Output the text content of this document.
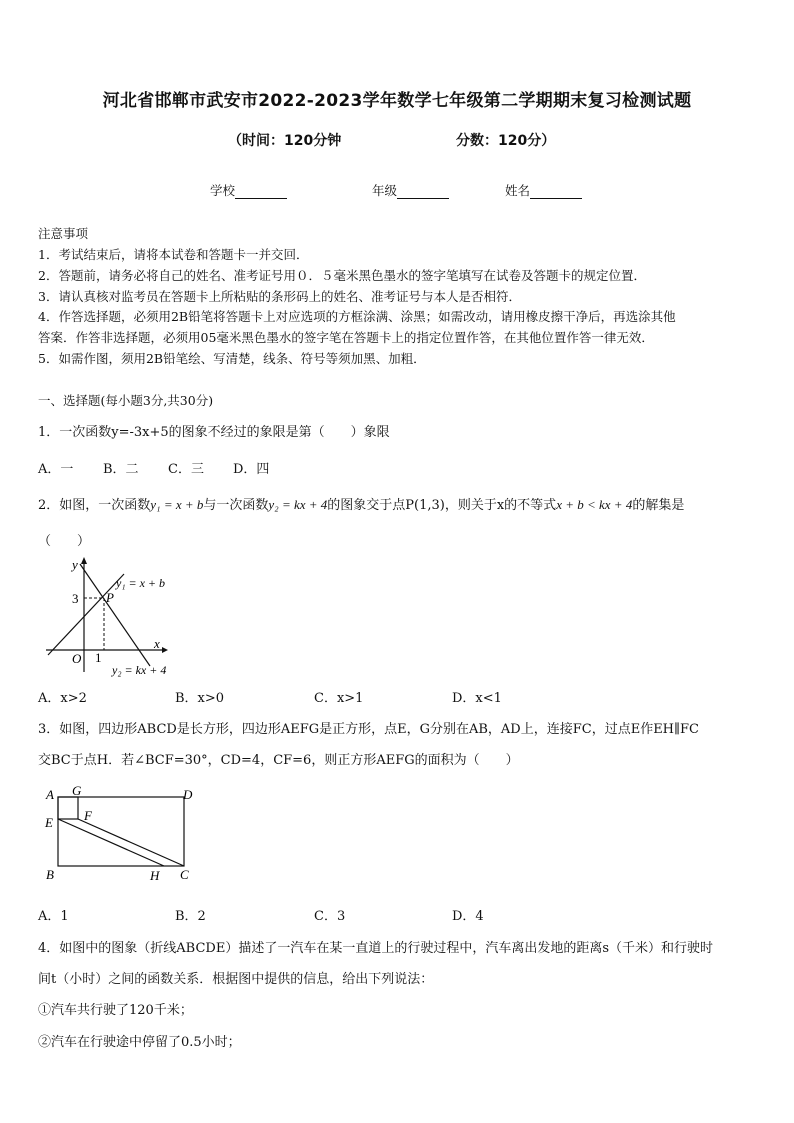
河北省邯郸市武安市2022-2023学年数学七年级第二学期期末复习检测试题
（时间：120分钟	分数：120分）
学校	年级	姓名
注意事项
1．考试结束后，请将本试卷和答题卡一并交回．
2．答题前，请务必将自己的姓名、准考证号用０．５毫米黑色墨水的签字笔填写在试卷及答题卡的规定位置．
3．请认真核对监考员在答题卡上所粘贴的条形码上的姓名、准考证号与本人是否相符．
4．作答选择题，必须用2B铅笔将答题卡上对应选项的方框涂满、涂黑；如需改动，请用橡皮擦干净后，再选涂其他
答案．作答非选择题，必须用05毫米黑色墨水的签字笔在答题卡上的指定位置作答，在其他位置作答一律无效．
5．如需作图，须用2B铅笔绘、写清楚，线条、符号等须加黑、加粗．
一、选择题(每小题3分,共30分)
1．一次函数y=-3x+5的图象不经过的象限是第（　　）象限
A．一 B．二 C．三 D．四
2．如图，一次函数y₁ = x + b与一次函数y₂ = kx + 4的图象交于点P(1,3)，则关于x的不等式x + b < kx + 4的解集是
（　　）
y
x
O
3
1
P
y₁ = x + b
y₂ = kx + 4
A．x>2	B．x>0	C．x>1	D．x<1
3．如图，四边形ABCD是长方形，四边形AEFG是正方形，点E，G分别在AB，AD上，连接FC，过点E作EH∥FC
交BC于点H．若∠BCF=30°，CD=4，CF=6，则正方形AEFG的面积为（　　）
A G	D
E F
B	H C
A．1	B．2	C．3	D．4
4．如图中的图象（折线ABCDE）描述了一汽车在某一直道上的行驶过程中，汽车离出发地的距离s（千米）和行驶时
间t（小时）之间的函数关系．根据图中提供的信息，给出下列说法：
①汽车共行驶了120千米；
②汽车在行驶途中停留了0.5小时；
